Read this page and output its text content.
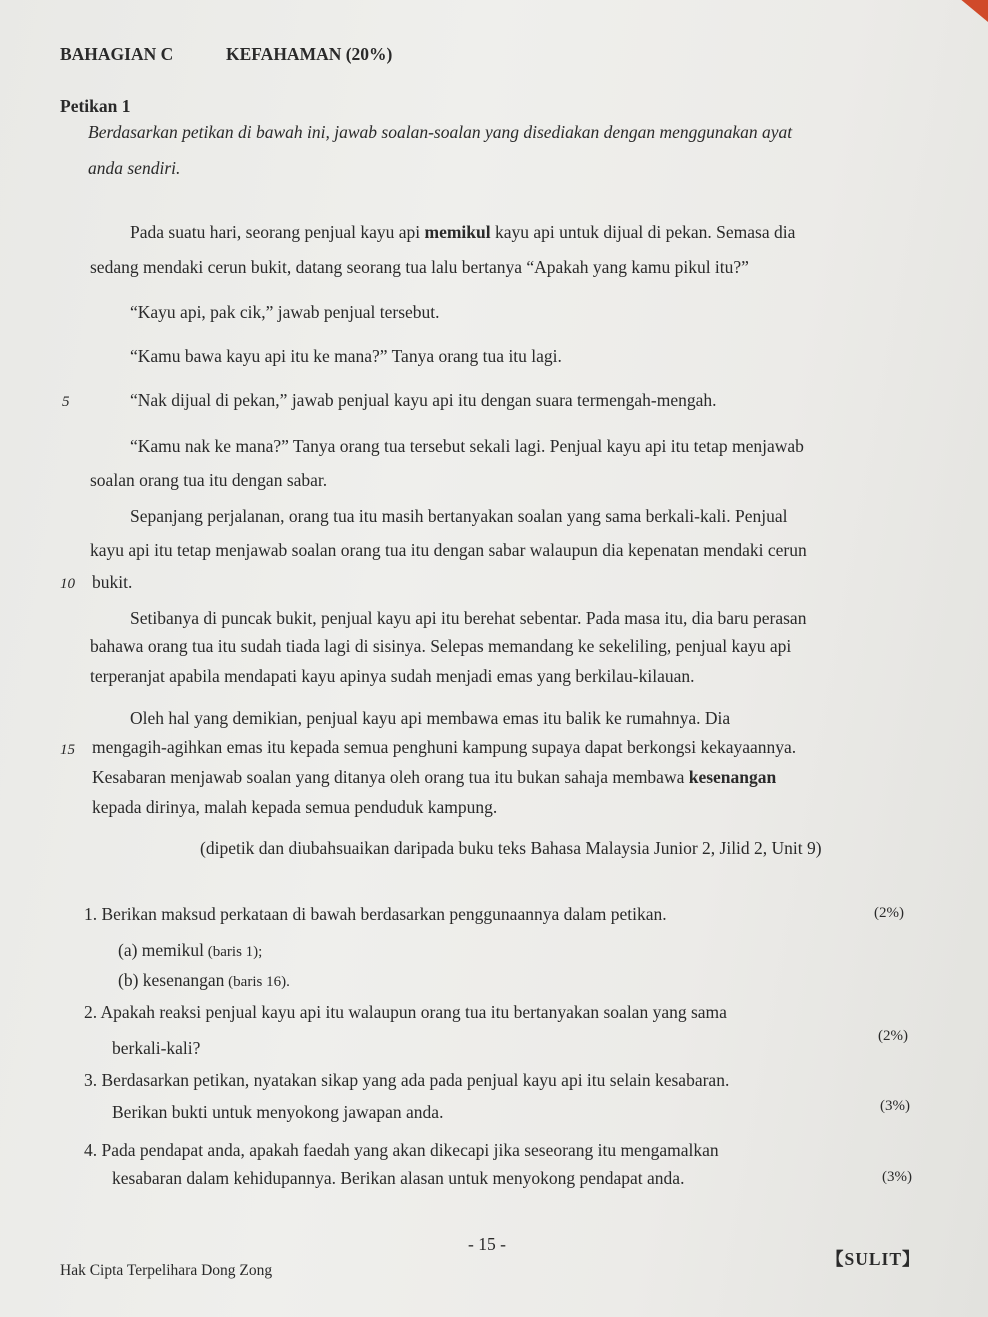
BAHAGIAN C	KEFAHAMAN (20%)
Petikan 1
Berdasarkan petikan di bawah ini, jawab soalan-soalan yang disediakan dengan menggunakan ayat
anda sendiri.
Pada suatu hari, seorang penjual kayu api memikul kayu api untuk dijual di pekan. Semasa dia
sedang mendaki cerun bukit, datang seorang tua lalu bertanya “Apakah yang kamu pikul itu?”
“Kayu api, pak cik,” jawab penjual tersebut.
“Kamu bawa kayu api itu ke mana?” Tanya orang tua itu lagi.
5	“Nak dijual di pekan,” jawab penjual kayu api itu dengan suara termengah-mengah.
“Kamu nak ke mana?” Tanya orang tua tersebut sekali lagi. Penjual kayu api itu tetap menjawab
soalan orang tua itu dengan sabar.
Sepanjang perjalanan, orang tua itu masih bertanyakan soalan yang sama berkali-kali. Penjual
kayu api itu tetap menjawab soalan orang tua itu dengan sabar walaupun dia kepenatan mendaki cerun
10 bukit.
Setibanya di puncak bukit, penjual kayu api itu berehat sebentar. Pada masa itu, dia baru perasan
bahawa orang tua itu sudah tiada lagi di sisinya. Selepas memandang ke sekeliling, penjual kayu api
terperanjat apabila mendapati kayu apinya sudah menjadi emas yang berkilau-kilauan.
Oleh hal yang demikian, penjual kayu api membawa emas itu balik ke rumahnya. Dia
15 mengagih-agihkan emas itu kepada semua penghuni kampung supaya dapat berkongsi kekayaannya.
Kesabaran menjawab soalan yang ditanya oleh orang tua itu bukan sahaja membawa kesenangan
kepada dirinya, malah kepada semua penduduk kampung.
(dipetik dan diubahsuaikan daripada buku teks Bahasa Malaysia Junior 2, Jilid 2, Unit 9)
1. Berikan maksud perkataan di bawah berdasarkan penggunaannya dalam petikan.	(2%)
(a) memikul (baris 1);
(b) kesenangan (baris 16).
2. Apakah reaksi penjual kayu api itu walaupun orang tua itu bertanyakan soalan yang sama
berkali-kali?
(2%)
3. Berdasarkan petikan, nyatakan sikap yang ada pada penjual kayu api itu selain kesabaran.
Berikan bukti untuk menyokong jawapan anda.	(3%)
4. Pada pendapat anda, apakah faedah yang akan dikecapi jika seseorang itu mengamalkan
kesabaran dalam kehidupannya. Berikan alasan untuk menyokong pendapat anda.	(3%)
- 15 -
【SULIT】
Hak Cipta Terpelihara Dong Zong
